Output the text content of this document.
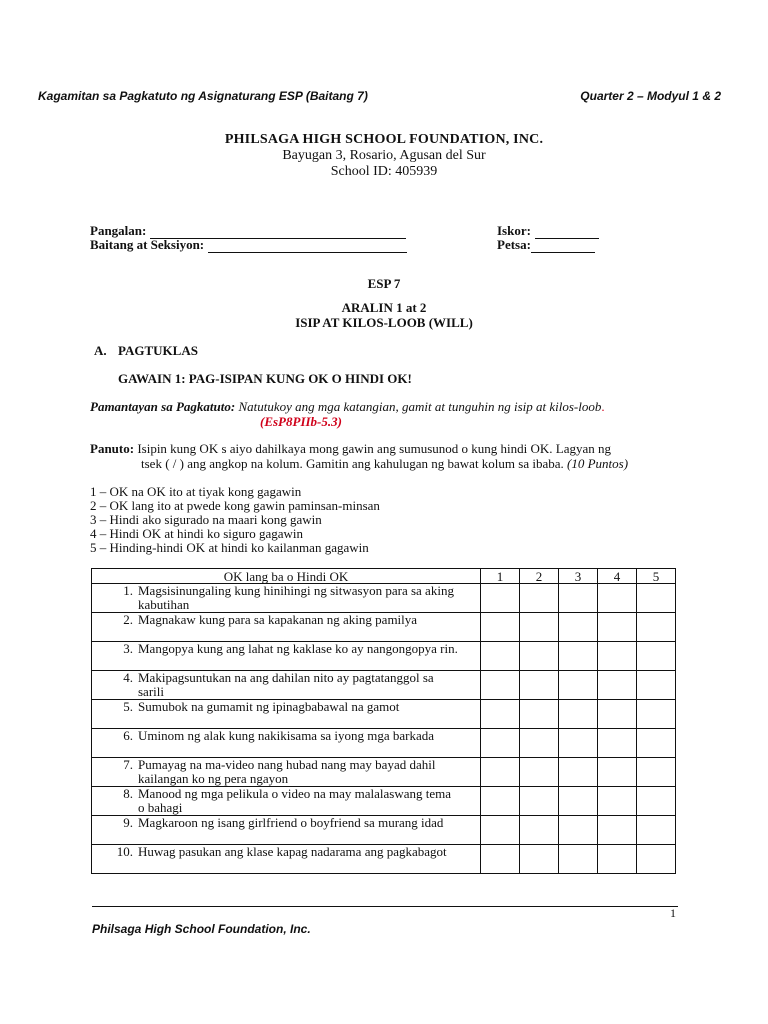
Kagamitan sa Pagkatuto ng Asignaturang ESP (Baitang 7)	Quarter 2 – Modyul 1 & 2
PHILSAGA HIGH SCHOOL FOUNDATION, INC.
Bayugan 3, Rosario, Agusan del Sur
School ID: 405939
Pangalan:
Baitang at Seksiyon:
Iskor:
Petsa:
ESP 7
ARALIN 1 at 2
ISIP AT KILOS-LOOB (WILL)
A. PAGTUKLAS
GAWAIN 1: PAG-ISIPAN KUNG OK O HINDI OK!
Pamantayan sa Pagkatuto: Natutukoy ang mga katangian, gamit at tunguhin ng isip at kilos-loob.
(EsP8PIIb-5.3)
Panuto: Isipin kung OK s aiyo dahilkaya mong gawin ang sumusunod o kung hindi OK. Lagyan ng
tsek ( / ) ang angkop na kolum. Gamitin ang kahulugan ng bawat kolum sa ibaba. (10 Puntos)
1 – OK na OK ito at tiyak kong gagawin
2 – OK lang ito at pwede kong gawin paminsan-minsan
3 – Hindi ako sigurado na maari kong gawin
4 – Hindi OK at hindi ko siguro gagawin
5 – Hinding-hindi OK at hindi ko kailanman gagawin
OK lang ba o Hindi OK	1	2	3	4	5
1. Magsisinungaling kung hinihingi ng sitwasyon para sa aking kabutihan					
2. Magnakaw kung para sa kapakanan ng aking pamilya					
3. Mangopya kung ang lahat ng kaklase ko ay nangongopya rin.					
4. Makipagsuntukan na ang dahilan nito ay pagtatanggol sa sarili					
5. Sumubok na gumamit ng ipinagbabawal na gamot					
6. Uminom ng alak kung nakikisama sa iyong mga barkada					
7. Pumayag na ma-video nang hubad nang may bayad dahil kailangan ko ng pera ngayon					
8. Manood ng mga pelikula o video na may malalaswang tema o bahagi					
9. Magkaroon ng isang girlfriend o boyfriend sa murang idad					
10. Huwag pasukan ang klase kapag nadarama ang pagkabagot					
1
Philsaga High School Foundation, Inc.
